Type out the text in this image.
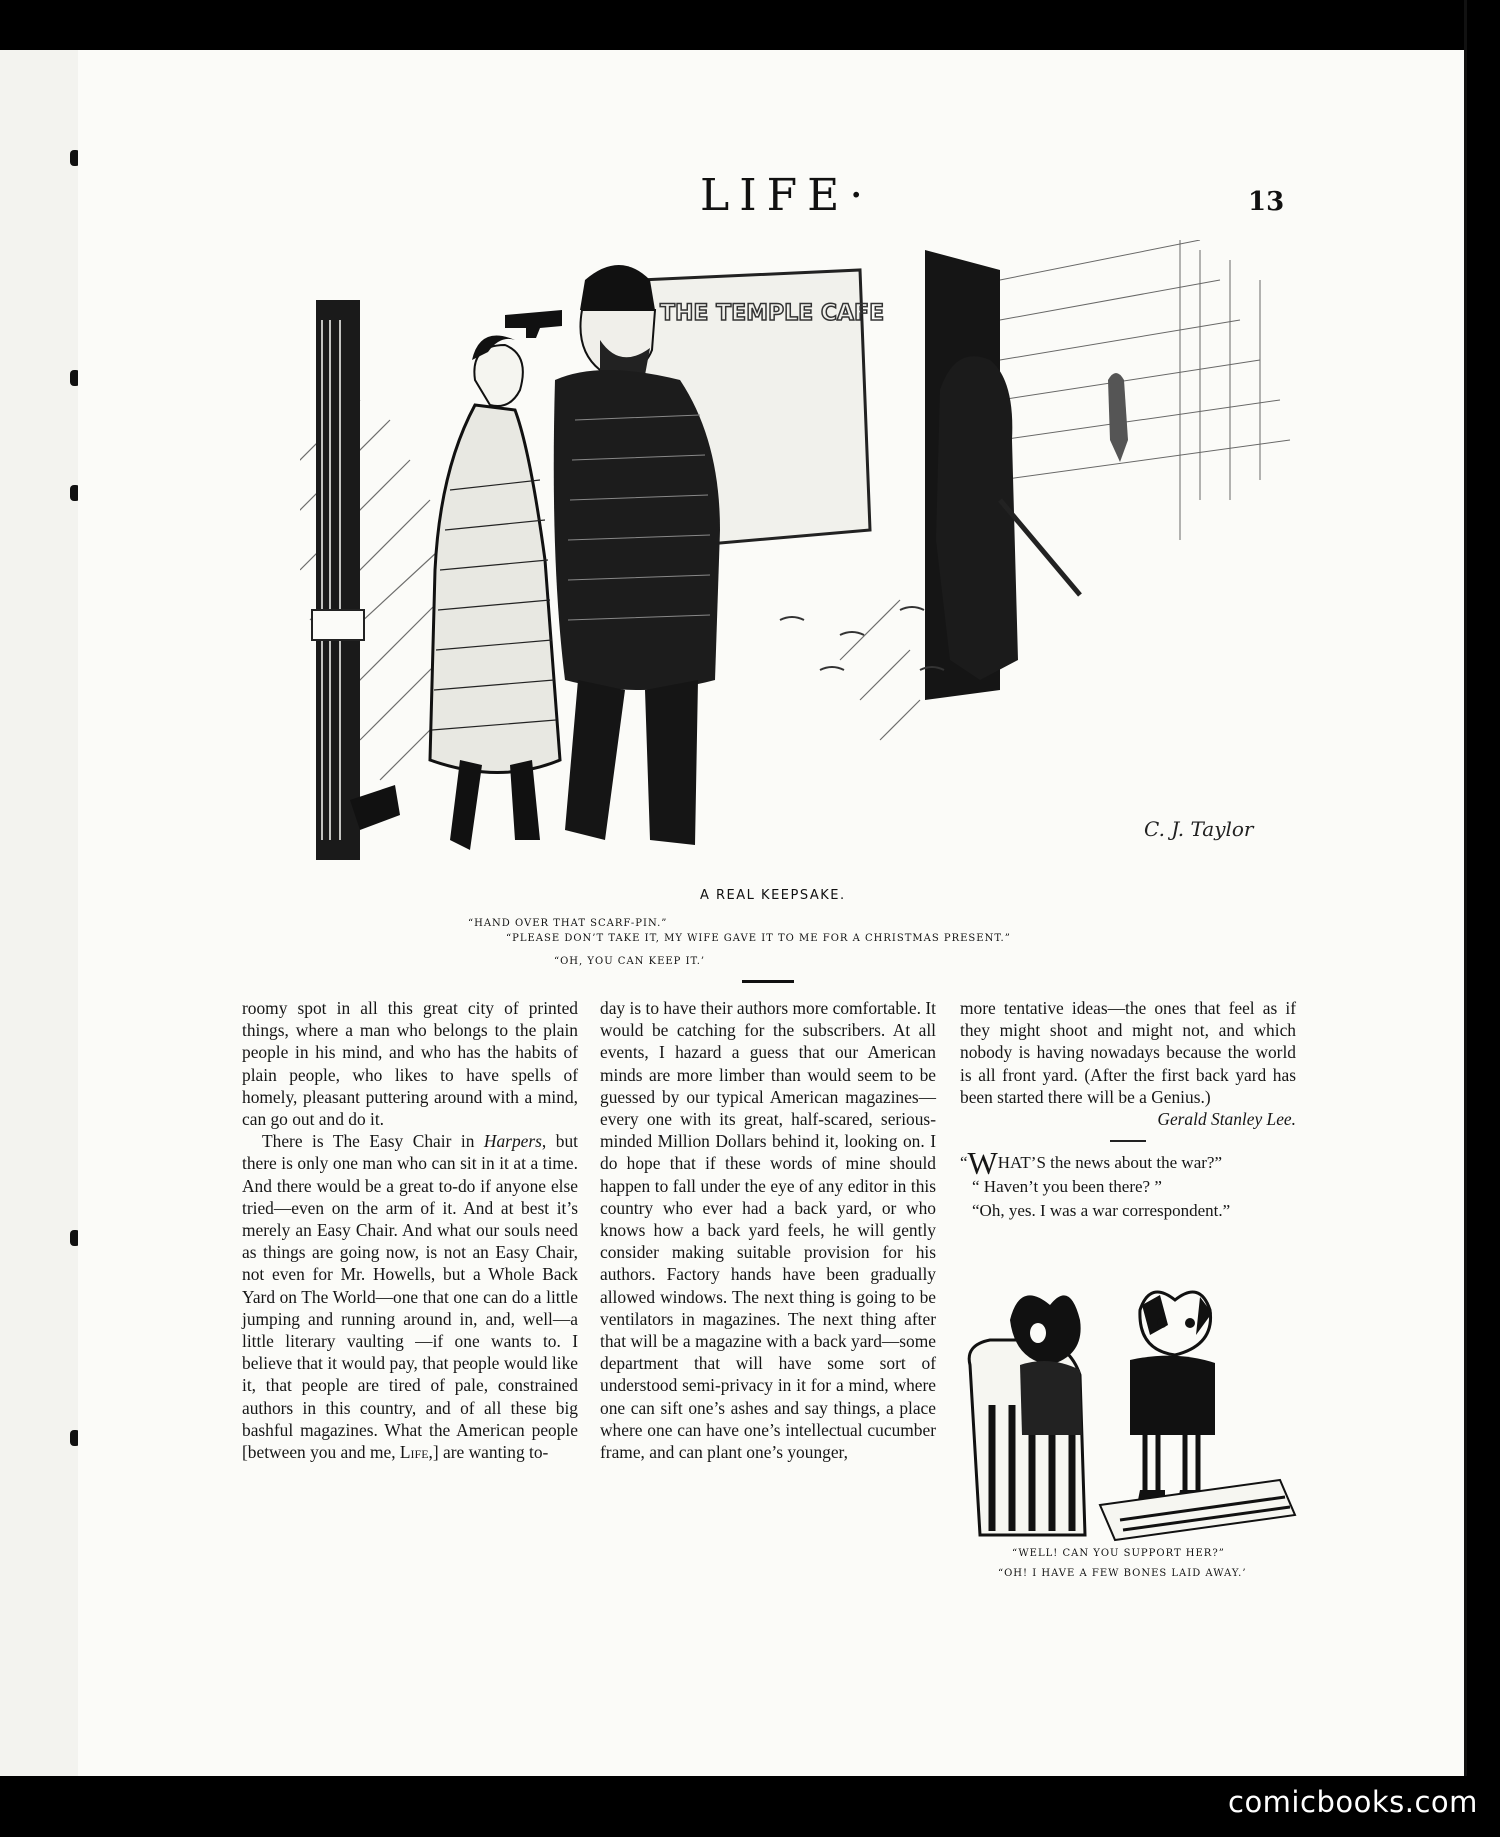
LIFE·	13
THE TEMPLE CAFE
C. J. Taylor
A REAL KEEPSAKE.
“HAND OVER THAT SCARF-PIN.”
“PLEASE DON’T TAKE IT, MY WIFE GAVE IT TO ME FOR A CHRISTMAS PRESENT.”
“OH, YOU CAN KEEP IT.’

roomy spot in all this great city of printed things, where a man who belongs to the plain people in his mind, and who has the habits of plain people, who likes to have spells of homely, pleasant puttering around with a mind, can go out and do it.

There is The Easy Chair in Harpers, but there is only one man who can sit in it at a time. And there would be a great to-do if anyone else tried—even on the arm of it. And at best it’s merely an Easy Chair. And what our souls need as things are going now, is not an Easy Chair, not even for Mr. Howells, but a Whole Back Yard on The World—one that one can do a little jumping and running around in, and, well—a little literary vaulting —if one wants to. I believe that it would pay, that people would like it, that people are tired of pale, constrained authors in this country, and of all these big bashful magazines. What the American people [between you and me, Life,] are wanting to-

day is to have their authors more comfortable. It would be catching for the subscribers. At all events, I hazard a guess that our American minds are more limber than would seem to be guessed by our typical American magazines—every one with its great, half-scared, serious-minded Million Dollars behind it, looking on. I do hope that if these words of mine should happen to fall under the eye of any editor in this country who ever had a back yard, or who knows how a back yard feels, he will gently consider making suitable provision for his authors. Factory hands have been gradually allowed windows. The next thing is going to be ventilators in magazines. The next thing after that will be a magazine with a back yard—some department that will have some sort of understood semi-privacy in it for a mind, where one can sift one’s ashes and say things, a place where one can have one’s intellectual cucumber frame, and can plant one’s younger,

more tentative ideas—the ones that feel as if they might shoot and might not, and which nobody is having nowadays because the world is all front yard. (After the first back yard has been started there will be a Genius.)

Gerald Stanley Lee.

“WHAT’S the news about the war?”

“ Haven’t you been there? ”

“Oh, yes. I was a war correspondent.”

“WELL! CAN YOU SUPPORT HER?”
“OH! I HAVE A FEW BONES LAID AWAY.’
comicbooks.com
